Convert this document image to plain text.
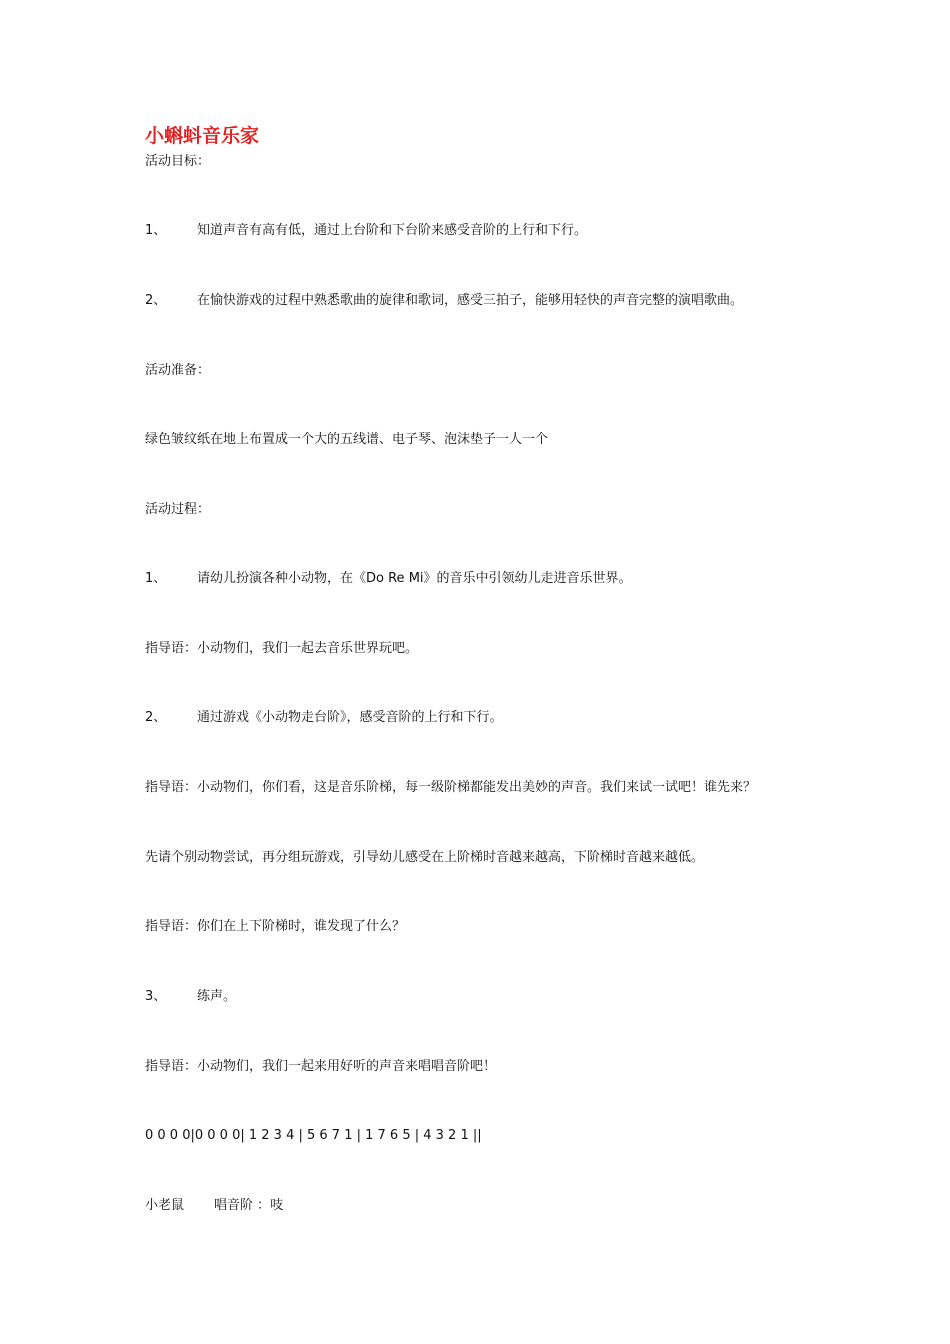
小蝌蚪音乐家
活动目标：
1、 知道声音有高有低，通过上台阶和下台阶来感受音阶的上行和下行。
2、 在愉快游戏的过程中熟悉歌曲的旋律和歌词，感受三拍子，能够用轻快的声音完整的演唱歌曲。
活动准备：
绿色皱纹纸在地上布置成一个大的五线谱、电子琴、泡沫垫子一人一个
活动过程：
1、 请幼儿扮演各种小动物，在《Do Re Mi》的音乐中引领幼儿走进音乐世界。
指导语：小动物们，我们一起去音乐世界玩吧。
2、 通过游戏《小动物走台阶》，感受音阶的上行和下行。
指导语：小动物们，你们看，这是音乐阶梯，每一级阶梯都能发出美妙的声音。我们来试一试吧！谁先来？
先请个别动物尝试，再分组玩游戏，引导幼儿感受在上阶梯时音越来越高，下阶梯时音越来越低。
指导语：你们在上下阶梯时，谁发现了什么？
3、 练声。
指导语：小动物们，我们一起来用好听的声音来唱唱音阶吧！
0 0 0 0|0 0 0 0| 1 2 3 4 | 5 6 7 1 | 1 7 6 5 | 4 3 2 1 ||
小老鼠 唱音阶 ：吱
